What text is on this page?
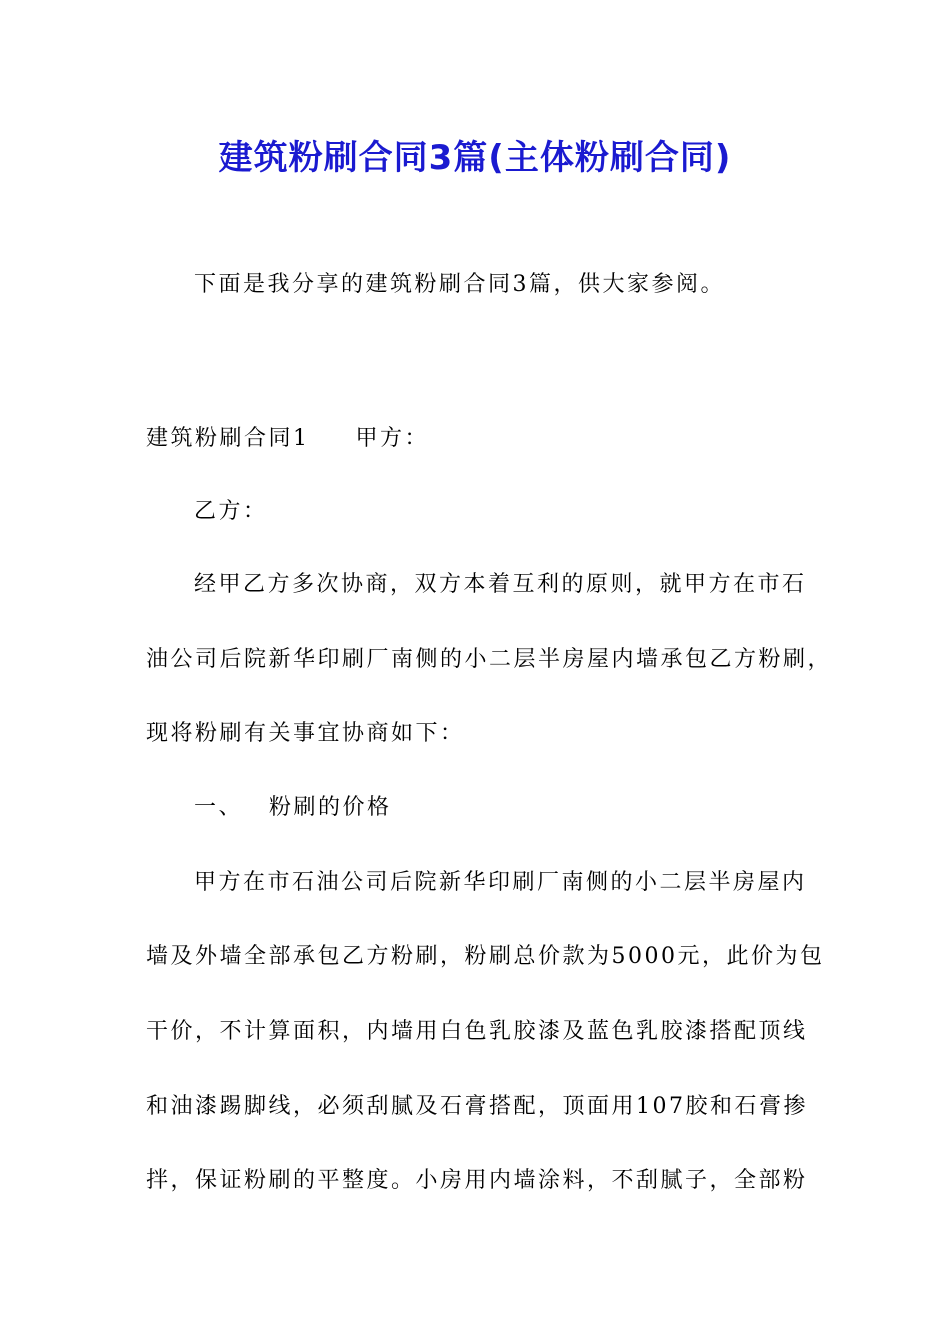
建筑粉刷合同3篇(主体粉刷合同)
下面是我分享的建筑粉刷合同3篇，供大家参阅。
建筑粉刷合同1 甲方：
乙方：
经甲乙方多次协商，双方本着互利的原则，就甲方在市石
油公司后院新华印刷厂南侧的小二层半房屋内墙承包乙方粉刷，
现将粉刷有关事宜协商如下：
一、 粉刷的价格
甲方在市石油公司后院新华印刷厂南侧的小二层半房屋内
墙及外墙全部承包乙方粉刷，粉刷总价款为5000元，此价为包
干价，不计算面积，内墙用白色乳胶漆及蓝色乳胶漆搭配顶线
和油漆踢脚线，必须刮腻及石膏搭配，顶面用107胶和石膏掺
拌，保证粉刷的平整度。小房用内墙涂料，不刮腻子，全部粉
